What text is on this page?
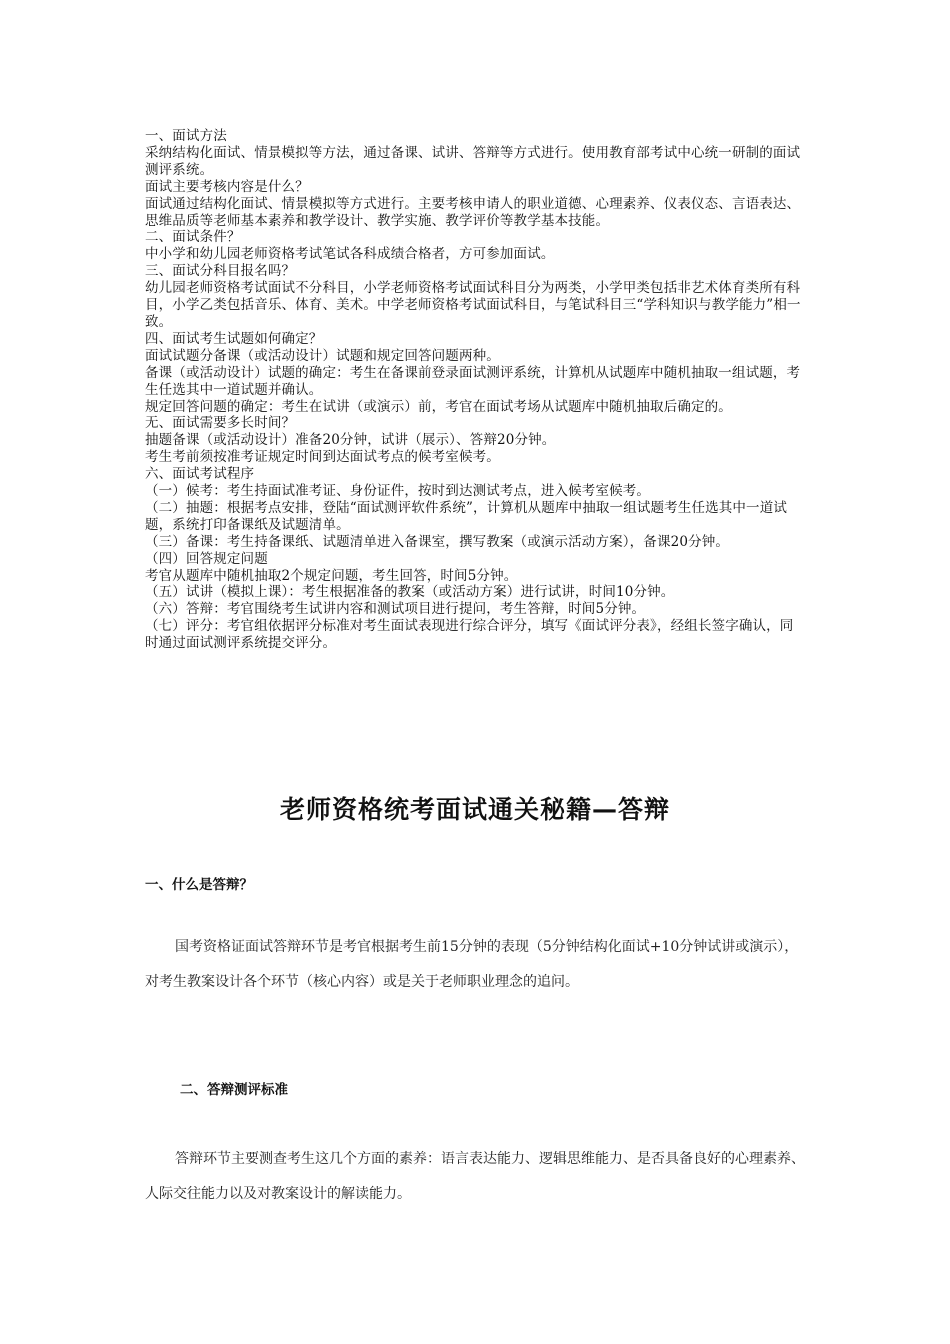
一、面试方法
采纳结构化面试、情景模拟等方法，通过备课、试讲、答辩等方式进行。使用教育部考试中心统一研制的面试测评系统。
面试主要考核内容是什么？
面试通过结构化面试、情景模拟等方式进行。主要考核申请人的职业道德、心理素养、仪表仪态、言语表达、思维品质等老师基本素养和教学设计、教学实施、教学评价等教学基本技能。
二、面试条件？
中小学和幼儿园老师资格考试笔试各科成绩合格者，方可参加面试。
三、面试分科目报名吗？
幼儿园老师资格考试面试不分科目，小学老师资格考试面试科目分为两类，小学甲类包括非艺术体育类所有科目，小学乙类包括音乐、体育、美术。中学老师资格考试面试科目，与笔试科目三“学科知识与教学能力”相一致。
四、面试考生试题如何确定？
面试试题分备课（或活动设计）试题和规定回答问题两种。
备课（或活动设计）试题的确定：考生在备课前登录面试测评系统，计算机从试题库中随机抽取一组试题，考生任选其中一道试题并确认。
规定回答问题的确定：考生在试讲（或演示）前，考官在面试考场从试题库中随机抽取后确定的。
无、面试需要多长时间？
抽题备课（或活动设计）准备20分钟，试讲（展示）、答辩20分钟。
考生考前须按准考证规定时间到达面试考点的候考室候考。
六、面试考试程序
（一）候考：考生持面试准考证、身份证件，按时到达测试考点，进入候考室候考。
（二）抽题：根据考点安排，登陆“面试测评软件系统”，计算机从题库中抽取一组试题考生任选其中一道试题，系统打印备课纸及试题清单。
（三）备课：考生持备课纸、试题清单进入备课室，撰写教案（或演示活动方案），备课20分钟。
（四）回答规定问题
考官从题库中随机抽取2个规定问题，考生回答，时间5分钟。
（五）试讲（模拟上课）：考生根据准备的教案（或活动方案）进行试讲，时间10分钟。
（六）答辩：考官围绕考生试讲内容和测试项目进行提问，考生答辩，时间5分钟。
（七）评分：考官组依据评分标准对考生面试表现进行综合评分，填写《面试评分表》，经组长签字确认，同时通过面试测评系统提交评分。
老师资格统考面试通关秘籍—答辩
一、什么是答辩？
国考资格证面试答辩环节是考官根据考生前15分钟的表现（5分钟结构化面试+10分钟试讲或演示），对考生教案设计各个环节（核心内容）或是关于老师职业理念的追问。
二、答辩测评标准
答辩环节主要测查考生这几个方面的素养：语言表达能力、逻辑思维能力、是否具备良好的心理素养、人际交往能力以及对教案设计的解读能力。
